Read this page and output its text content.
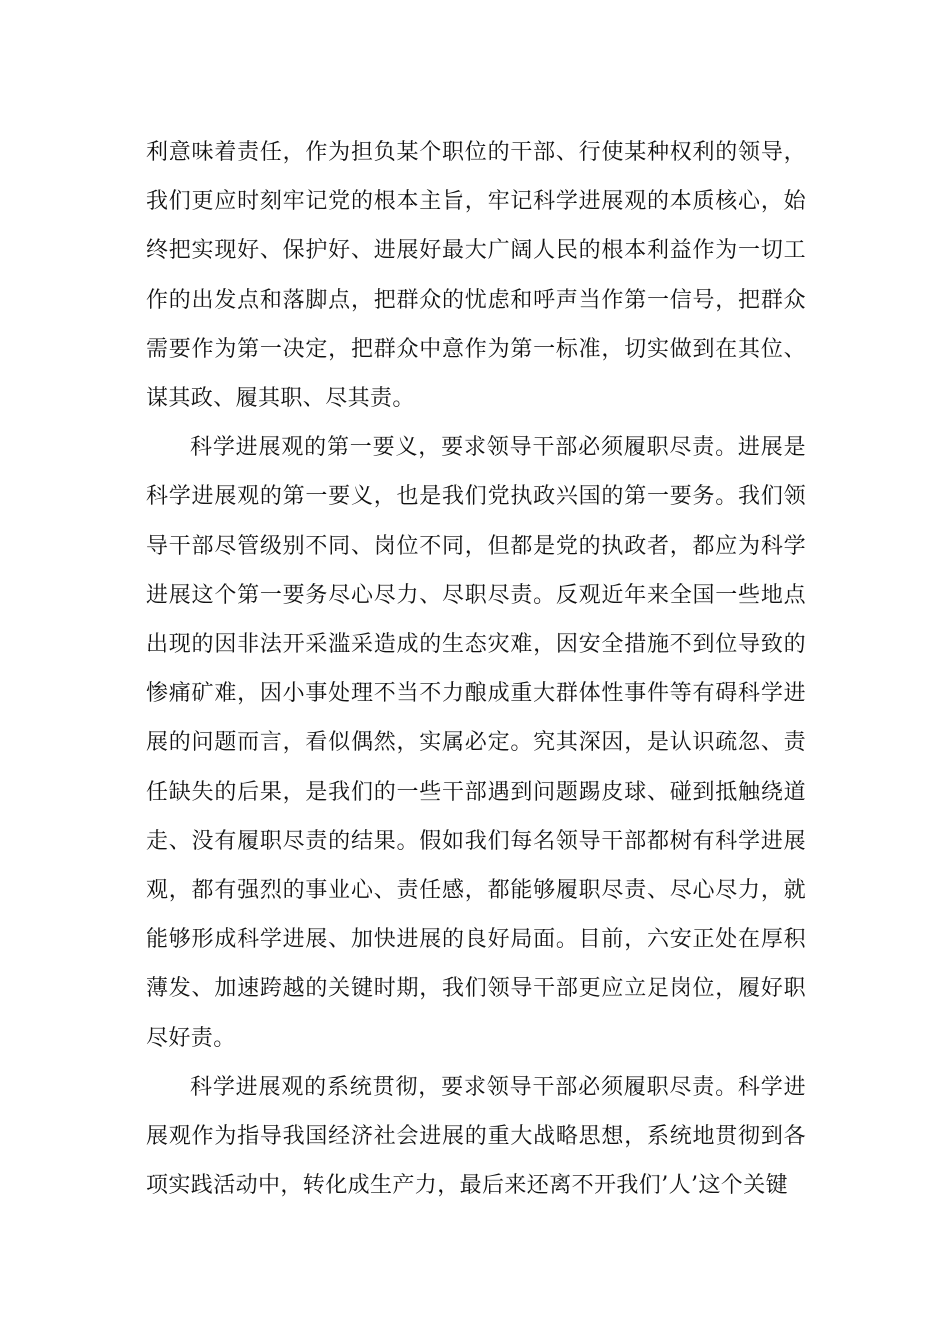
利意味着责任，作为担负某个职位的干部、行使某种权利的领导，我们更应时刻牢记党的根本主旨，牢记科学进展观的本质核心，始终把实现好、保护好、进展好最大广阔人民的根本利益作为一切工作的出发点和落脚点，把群众的忧虑和呼声当作第一信号，把群众需要作为第一决定，把群众中意作为第一标准，切实做到在其位、谋其政、履其职、尽其责。

科学进展观的第一要义，要求领导干部必须履职尽责。进展是科学进展观的第一要义，也是我们党执政兴国的第一要务。我们领导干部尽管级别不同、岗位不同，但都是党的执政者，都应为科学进展这个第一要务尽心尽力、尽职尽责。反观近年来全国一些地点出现的因非法开采滥采造成的生态灾难，因安全措施不到位导致的惨痛矿难，因小事处理不当不力酿成重大群体性事件等有碍科学进展的问题而言，看似偶然，实属必定。究其深因，是认识疏忽、责任缺失的后果，是我们的一些干部遇到问题踢皮球、碰到抵触绕道走、没有履职尽责的结果。假如我们每名领导干部都树有科学进展观，都有强烈的事业心、责任感，都能够履职尽责、尽心尽力，就能够形成科学进展、加快进展的良好局面。目前，六安正处在厚积薄发、加速跨越的关键时期，我们领导干部更应立足岗位，履好职尽好责。

科学进展观的系统贯彻，要求领导干部必须履职尽责。科学进展观作为指导我国经济社会进展的重大战略思想，系统地贯彻到各项实践活动中，转化成生产力，最后来还离不开我们’人’这个关键
